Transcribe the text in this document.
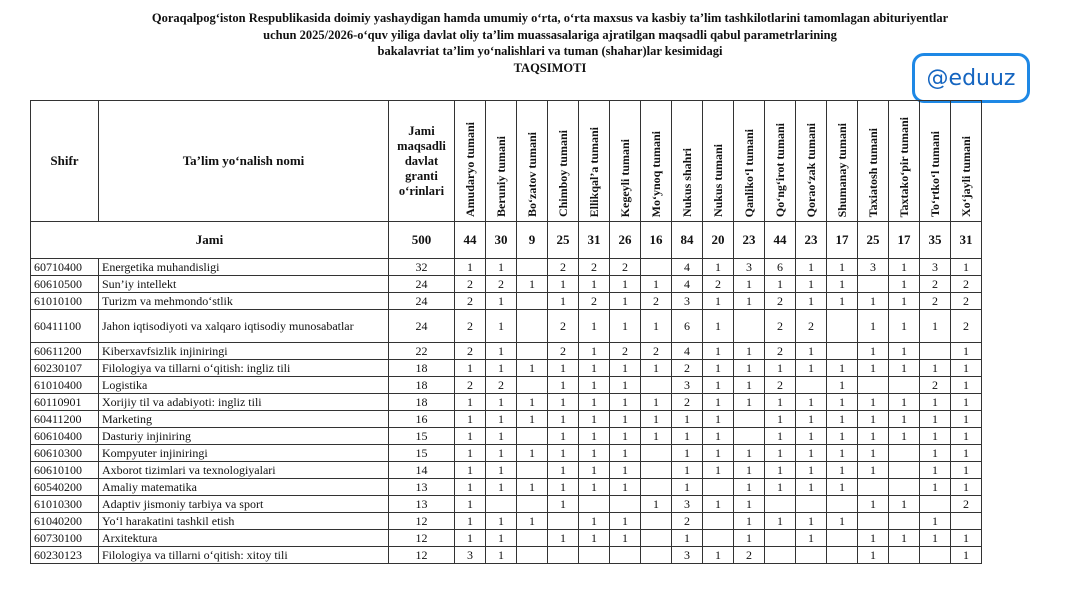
Qoraqalpog‘iston Respublikasida doimiy yashaydigan hamda umumiy o‘rta, o‘rta maxsus va kasbiy ta’lim tashkilotlarini tamomlagan abituriyentlar
uchun 2025/2026-o‘quv yiliga davlat oliy ta’lim muassasalariga ajratilgan maqsadli qabul parametrlarining
bakalavriat ta’lim yo‘nalishlari va tuman (shahar)lar kesimidagi
TAQSIMOTI	@eduuz
Shifr	Ta’lim yo‘nalish nomi	Jami maqsadli davlat granti o‘rinlari	Amudaryo tumani	Beruniy tumani	Bo‘zatov tumani	Chimboy tumani	Ellikqal’a tumani	Kegeyli tumani	Mo‘ynoq tumani	Nukus shahri	Nukus tumani	Qanliko‘l tumani	Qo‘ng‘irot tumani	Qorao‘zak tumani	Shumanay tumani	Taxiatosh tumani	Taxtako‘pir tumani	To‘rtko‘l tumani	Xo‘jayli tumani
Jami		500	44	30	9	25	31	26	16	84	20	23	44	23	17	25	17	35	31
60710400	Energetika muhandisligi	32	1	1		2	2	2		4	1	3	6	1	1	3	1	3	1
60610500	Sun’iy intellekt	24	2	2	1	1	1	1	1	4	2	1	1	1	1		1	2	2
61010100	Turizm va mehmondo‘stlik	24	2	1		1	2	1	2	3	1	1	2	1	1	1	1	2	2
60411100	Jahon iqtisodiyoti va xalqaro iqtisodiy munosabatlar	24	2	1		2	1	1	1	6	1		2	2		1	1	1	2
60611200	Kiberxavfsizlik injiniringi	22	2	1		2	1	2	2	4	1	1	2	1		1	1		1
60230107	Filologiya va tillarni o‘qitish: ingliz tili	18	1	1	1	1	1	1	1	2	1	1	1	1	1	1	1	1	1
61010400	Logistika	18	2	2		1	1	1		3	1	1	2		1			2	1
60110901	Xorijiy til va adabiyoti: ingliz tili	18	1	1	1	1	1	1	1	2	1	1	1	1	1	1	1	1	1
60411200	Marketing	16	1	1	1	1	1	1	1	1	1		1	1	1	1	1	1	1
60610400	Dasturiy injiniring	15	1	1		1	1	1	1	1	1		1	1	1	1	1	1	1
60610300	Kompyuter injiniringi	15	1	1	1	1	1	1		1	1	1	1	1	1	1		1	1
60610100	Axborot tizimlari va texnologiyalari	14	1	1		1	1	1		1	1	1	1	1	1	1		1	1
60540200	Amaliy matematika	13	1	1	1	1	1	1		1		1	1	1	1			1	1
61010300	Adaptiv jismoniy tarbiya va sport	13	1			1			1	3	1	1				1	1		2
61040200	Yo‘l harakatini tashkil etish	12	1	1	1		1	1		2		1	1	1	1			1	
60730100	Arxitektura	12	1	1		1	1	1		1		1		1		1	1	1	1
60230123	Filologiya va tillarni o‘qitish: xitoy tili	12	3	1						3	1	2				1			1
